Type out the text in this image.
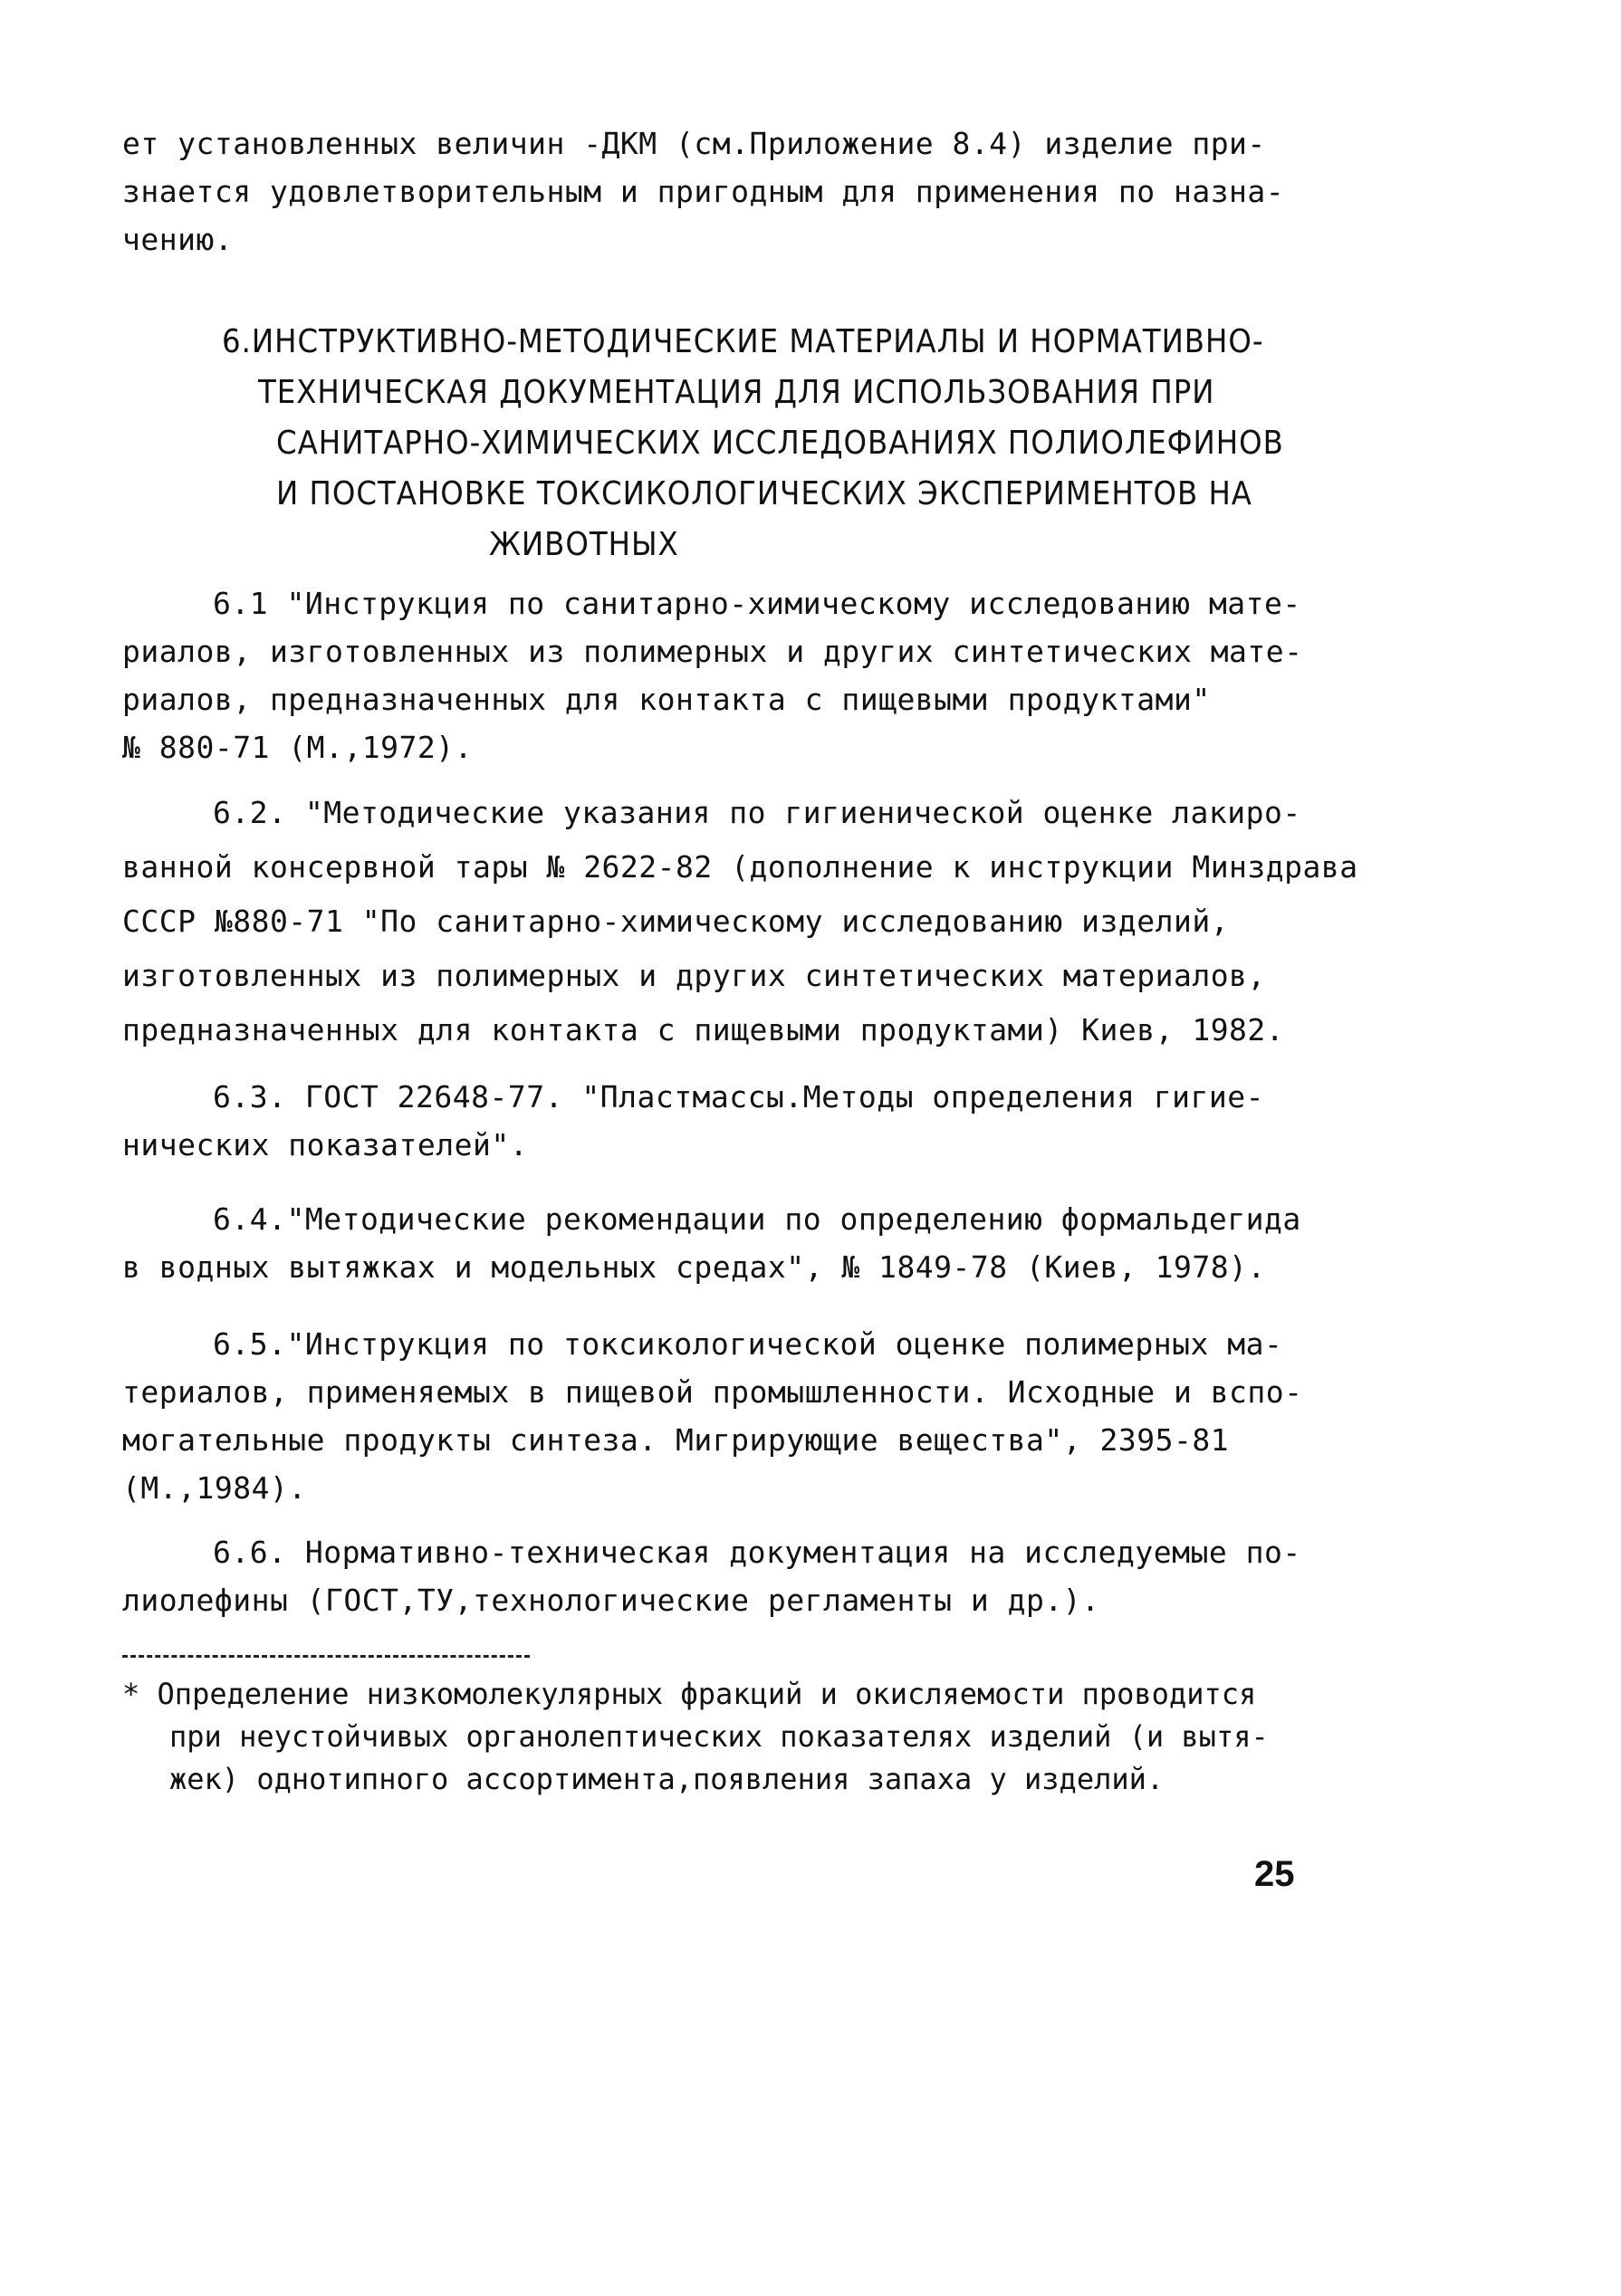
ет установленных величин -ДКМ (см.Приложение 8.4) изделие при-
знается удовлетворительным и пригодным для применения по назна-
чению.
6.ИНСТРУКТИВНО-МЕТОДИЧЕСКИЕ МАТЕРИАЛЫ И НОРМАТИВНО-
ТЕХНИЧЕСКАЯ ДОКУМЕНТАЦИЯ ДЛЯ ИСПОЛЬЗОВАНИЯ ПРИ
САНИТАРНО-ХИМИЧЕСКИХ ИССЛЕДОВАНИЯХ ПОЛИОЛЕФИНОВ
И ПОСТАНОВКЕ ТОКСИКОЛОГИЧЕСКИХ ЭКСПЕРИМЕНТОВ НА
ЖИВОТНЫХ
6.1 "Инструкция по санитарно-химическому исследованию мате-
риалов, изготовленных из полимерных и других синтетических мате-
риалов, предназначенных для контакта с пищевыми продуктами"
№ 880-71 (М.,1972).
6.2. "Методические указания по гигиенической оценке лакиро-
ванной консервной тары № 2622-82 (дополнение к инструкции Минздрава
СССР №880-71 "По санитарно-химическому исследованию изделий,
изготовленных из полимерных и других синтетических материалов,
предназначенных для контакта с пищевыми продуктами) Киев, 1982.
6.3. ГОСТ 22648-77. "Пластмассы.Методы определения гигие-
нических показателей".
6.4."Методические рекомендации по определению формальдегида
в водных вытяжках и модельных средах", № 1849-78 (Киев, 1978).
6.5."Инструкция по токсикологической оценке полимерных ма-
териалов, применяемых в пищевой промышленности. Исходные и вспо-
могательные продукты синтеза. Мигрирующие вещества", 2395-81
(М.,1984).
6.6. Нормативно-техническая документация на исследуемые по-
лиолефины (ГОСТ,ТУ,технологические регламенты и др.).
* Определение низкомолекулярных фракций и окисляемости проводится
при неустойчивых органолептических показателях изделий (и вытя-
жек) однотипного ассортимента,появления запаха у изделий.
25
